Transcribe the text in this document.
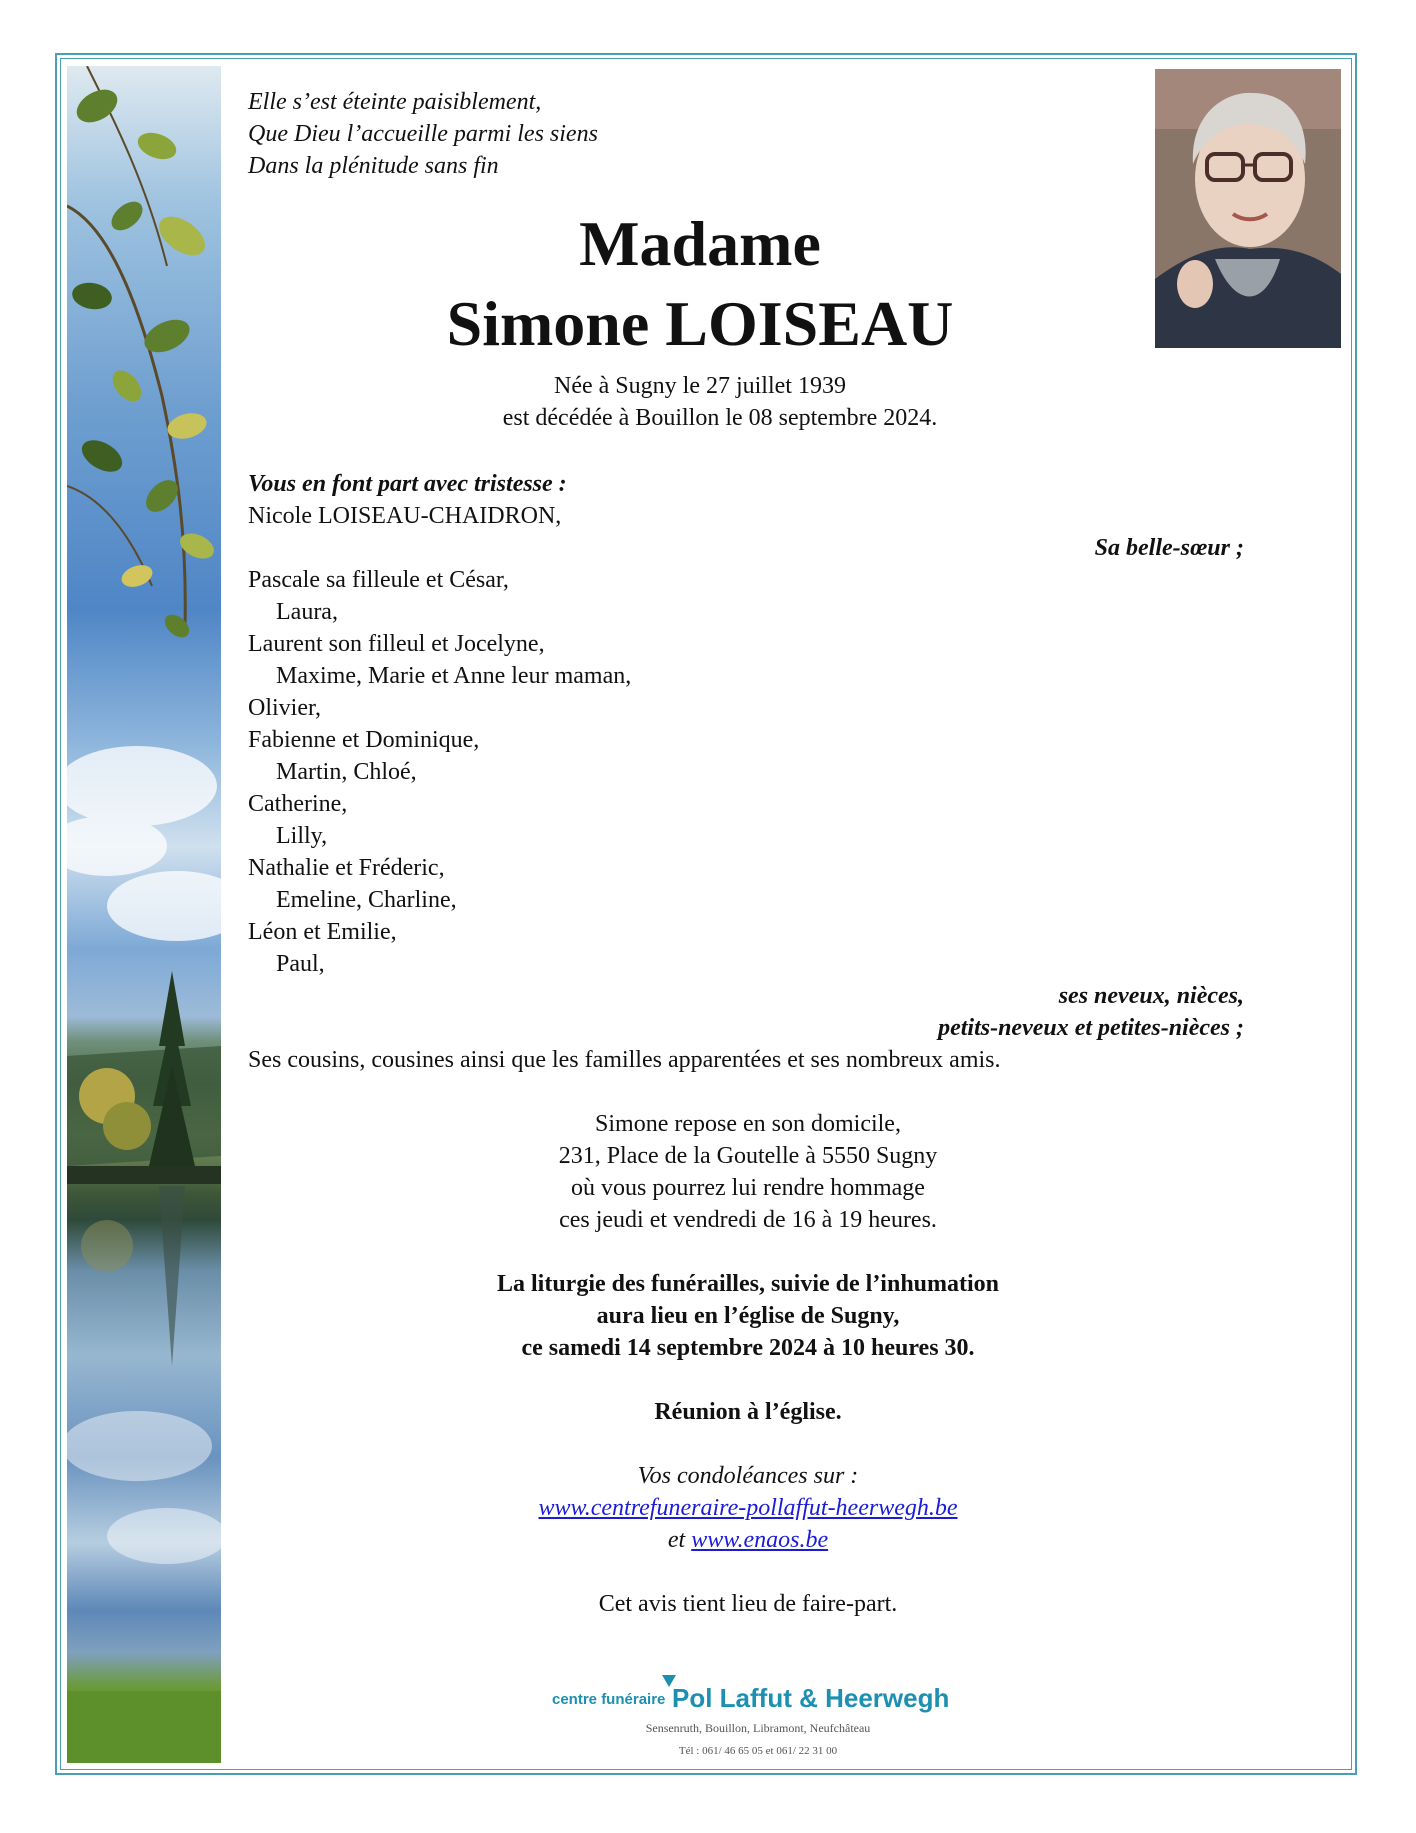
Elle s’est éteinte paisiblement,
Que Dieu l’accueille parmi les siens
Dans la plénitude sans fin
Madame
Simone LOISEAU
Née à Sugny le 27 juillet 1939
est décédée à Bouillon le 08 septembre 2024.
Vous en font part avec tristesse :
Nicole LOISEAU-CHAIDRON,
Sa belle-sœur ;
Pascale sa filleule et César,
Laura,
Laurent son filleul et Jocelyne,
Maxime, Marie et Anne leur maman,
Olivier,
Fabienne et Dominique,
Martin, Chloé,
Catherine,
Lilly,
Nathalie et Fréderic,
Emeline, Charline,
Léon et Emilie,
Paul,
ses neveux, nièces,
petits-neveux et petites-nièces ;
Ses cousins, cousines ainsi que les familles apparentées et ses nombreux amis.
Simone repose en son domicile,
231, Place de la Goutelle à 5550 Sugny
où vous pourrez lui rendre hommage
ces jeudi et vendredi de 16 à 19 heures.
La liturgie des funérailles, suivie de l’inhumation
aura lieu en l’église de Sugny,
ce samedi 14 septembre 2024 à 10 heures 30.
Réunion à l’église.
Vos condoléances sur :
www.centrefuneraire-pollaffut-heerwegh.be
et www.enaos.be
Cet avis tient lieu de faire-part.
centre funéraire Pol Laffut & Heerwegh
Sensenruth, Bouillon, Libramont, Neufchâteau
Tél : 061/ 46 65 05 et 061/ 22 31 00
